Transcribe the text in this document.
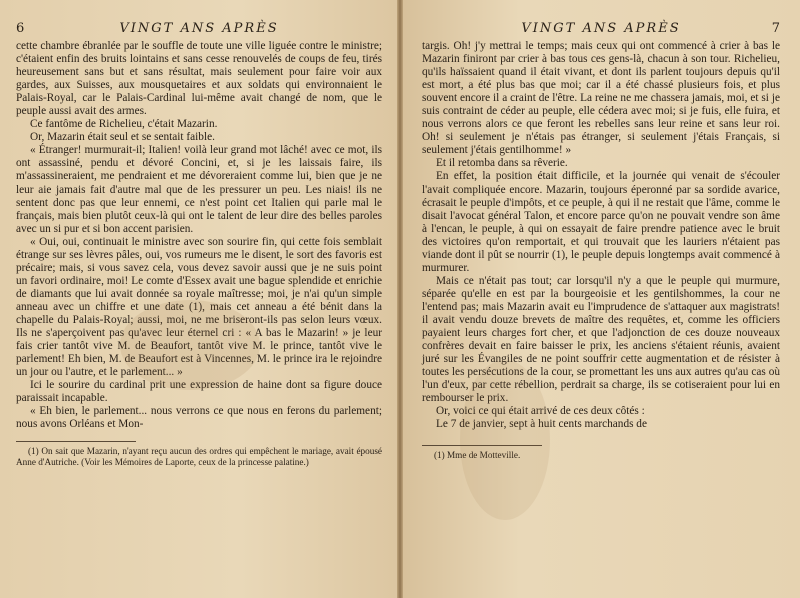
6	VINGT ANS APRÈS

cette chambre ébranlée par le souffle de toute une ville liguée contre le ministre; c'étaient enfin des bruits lointains et sans cesse renouvelés de coups de feu, tirés heureusement sans but et sans résultat, mais seulement pour faire voir aux gardes, aux Suisses, aux mousquetaires et aux soldats qui environnaient le Palais-Royal, car le Palais-Cardinal lui-même avait changé de nom, que le peuple aussi avait des armes.

Ce fantôme de Richelieu, c'était Mazarin.

Or, Mazarin était seul et se sentait faible.

« Étranger! murmurait-il; Italien! voilà leur grand mot lâché! avec ce mot, ils ont assassiné, pendu et dévoré Concini, et, si je les laissais faire, ils m'assassineraient, me pendraient et me dévoreraient comme lui, bien que je ne leur aie jamais fait d'autre mal que de les pressurer un peu. Les niais! ils ne sentent donc pas que leur ennemi, ce n'est point cet Italien qui parle mal le français, mais bien plutôt ceux-là qui ont le talent de leur dire des belles paroles avec un si pur et si bon accent parisien.

« Oui, oui, continuait le ministre avec son sourire fin, qui cette fois semblait étrange sur ses lèvres pâles, oui, vos rumeurs me le disent, le sort des favoris est précaire; mais, si vous savez cela, vous devez savoir aussi que je ne suis point un favori ordinaire, moi! Le comte d'Essex avait une bague splendide et enrichie de diamants que lui avait donnée sa royale maîtresse; moi, je n'ai qu'un simple anneau avec un chiffre et une date (1), mais cet anneau a été bénit dans la chapelle du Palais-Royal; aussi, moi, ne me briseront-ils pas selon leurs vœux. Ils ne s'aperçoivent pas qu'avec leur éternel cri : « A bas le Mazarin! » je leur fais crier tantôt vive M. de Beaufort, tantôt vive M. le prince, tantôt vive le parlement! Eh bien, M. de Beaufort est à Vincennes, M. le prince ira le rejoindre un jour ou l'autre, et le parlement... »

Ici le sourire du cardinal prit une expression de haine dont sa figure douce paraissait incapable.

« Eh bien, le parlement... nous verrons ce que nous en ferons du parlement; nous avons Orléans et Mon-

(1) On sait que Mazarin, n'ayant reçu aucun des ordres qui empêchent le mariage, avait épousé Anne d'Autriche. (Voir les Mémoires de Laporte, ceux de la princesse palatine.)
VINGT ANS APRÈS	7

targis. Oh! j'y mettrai le temps; mais ceux qui ont commencé à crier à bas le Mazarin finiront par crier à bas tous ces gens-là, chacun à son tour. Richelieu, qu'ils haïssaient quand il était vivant, et dont ils parlent toujours depuis qu'il est mort, a été plus bas que moi; car il a été chassé plusieurs fois, et plus souvent encore il a craint de l'être. La reine ne me chassera jamais, moi, et si je suis contraint de céder au peuple, elle cédera avec moi; si je fuis, elle fuira, et nous verrons alors ce que feront les rebelles sans leur reine et sans leur roi. Oh! si seulement je n'étais pas étranger, si seulement j'étais Français, si seulement j'étais gentilhomme! »

Et il retomba dans sa rêverie.

En effet, la position était difficile, et la journée qui venait de s'écouler l'avait compliquée encore. Mazarin, toujours éperonné par sa sordide avarice, écrasait le peuple d'impôts, et ce peuple, à qui il ne restait que l'âme, comme le disait l'avocat général Talon, et encore parce qu'on ne pouvait vendre son âme à l'encan, le peuple, à qui on essayait de faire prendre patience avec le bruit des victoires qu'on remportait, et qui trouvait que les lauriers n'étaient pas viande dont il pût se nourrir (1), le peuple depuis longtemps avait commencé à murmurer.

Mais ce n'était pas tout; car lorsqu'il n'y a que le peuple qui murmure, séparée qu'elle en est par la bourgeoisie et les gentilshommes, la cour ne l'entend pas; mais Mazarin avait eu l'imprudence de s'attaquer aux magistrats! il avait vendu douze brevets de maître des requêtes, et, comme les officiers payaient leurs charges fort cher, et que l'adjonction de ces douze nouveaux confrères devait en faire baisser le prix, les anciens s'étaient réunis, avaient juré sur les Évangiles de ne point souffrir cette augmentation et de résister à toutes les persécutions de la cour, se promettant les uns aux autres qu'au cas où l'un d'eux, par cette rébellion, perdrait sa charge, ils se cotiseraient pour lui en rembourser le prix.

Or, voici ce qui était arrivé de ces deux côtés :

Le 7 de janvier, sept à huit cents marchands de

(1) Mme de Motteville.
